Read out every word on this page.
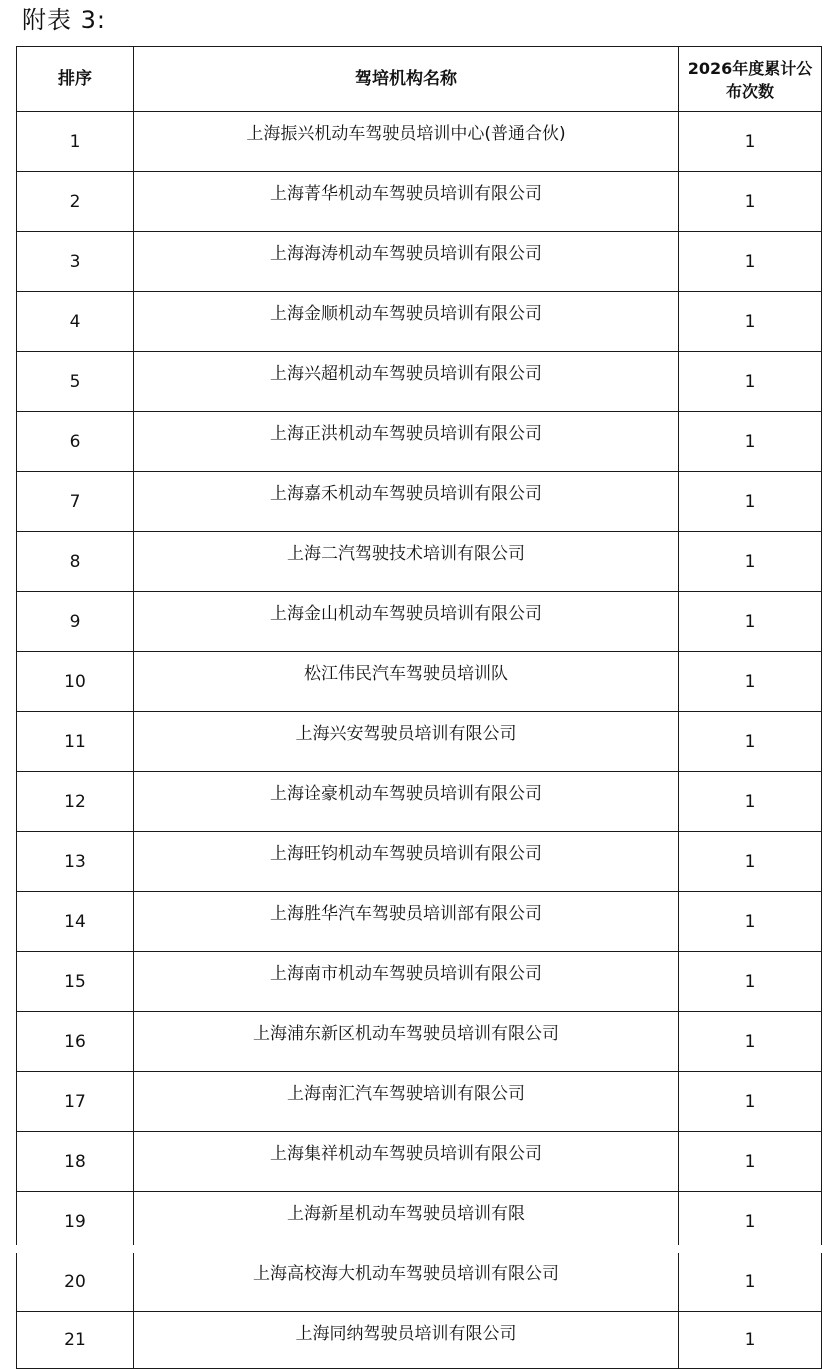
附表 3:
排序	驾培机构名称	2026年度累计公布次数
1	上海振兴机动车驾驶员培训中心(普通合伙)	1
2	上海菁华机动车驾驶员培训有限公司	1
3	上海海涛机动车驾驶员培训有限公司	1
4	上海金顺机动车驾驶员培训有限公司	1
5	上海兴超机动车驾驶员培训有限公司	1
6	上海正洪机动车驾驶员培训有限公司	1
7	上海嘉禾机动车驾驶员培训有限公司	1
8	上海二汽驾驶技术培训有限公司	1
9	上海金山机动车驾驶员培训有限公司	1
10	松江伟民汽车驾驶员培训队	1
11	上海兴安驾驶员培训有限公司	1
12	上海诠豪机动车驾驶员培训有限公司	1
13	上海旺钧机动车驾驶员培训有限公司	1
14	上海胜华汽车驾驶员培训部有限公司	1
15	上海南市机动车驾驶员培训有限公司	1
16	上海浦东新区机动车驾驶员培训有限公司	1
17	上海南汇汽车驾驶培训有限公司	1
18	上海集祥机动车驾驶员培训有限公司	1
19	上海新星机动车驾驶员培训有限	1
20	上海高校海大机动车驾驶员培训有限公司	1
21	上海同纳驾驶员培训有限公司	1
